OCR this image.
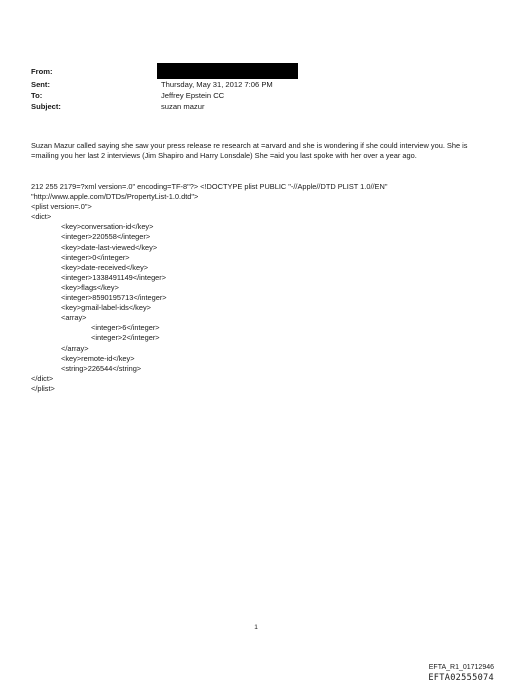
From:
Sent:
To:
Subject:
Thursday, May 31, 2012 7:06 PM
Jeffrey Epstein CC
suzan mazur

Suzan Mazur called saying she saw your press release re research at =arvard and she is wondering if she could interview you. She is =mailing you her last 2 interviews (Jim Shapiro and Harry Lonsdale) She =aid you last spoke with her over a year ago.

212 255 2179=?xml version=.0" encoding=TF-8"?> <!DOCTYPE plist PUBLIC "-//Apple//DTD PLIST 1.0//EN"
"http://www.apple.com/DTDs/PropertyList-1.0.dtd">
<plist version=.0">
<dict>
<key>conversation-id</key>
<integer>220558</integer>
<key>date-last-viewed</key>
<integer>0</integer>
<key>date-received</key>
<integer>1338491149</integer>
<key>flags</key>
<integer>8590195713</integer>
<key>gmail-label-ids</key>
<array>
<integer>6</integer>
<integer>2</integer>
</array>
<key>remote-id</key>
<string>226544</string>
</dict>
</plist>
1
EFTA_R1_01712946
EFTA02555074
